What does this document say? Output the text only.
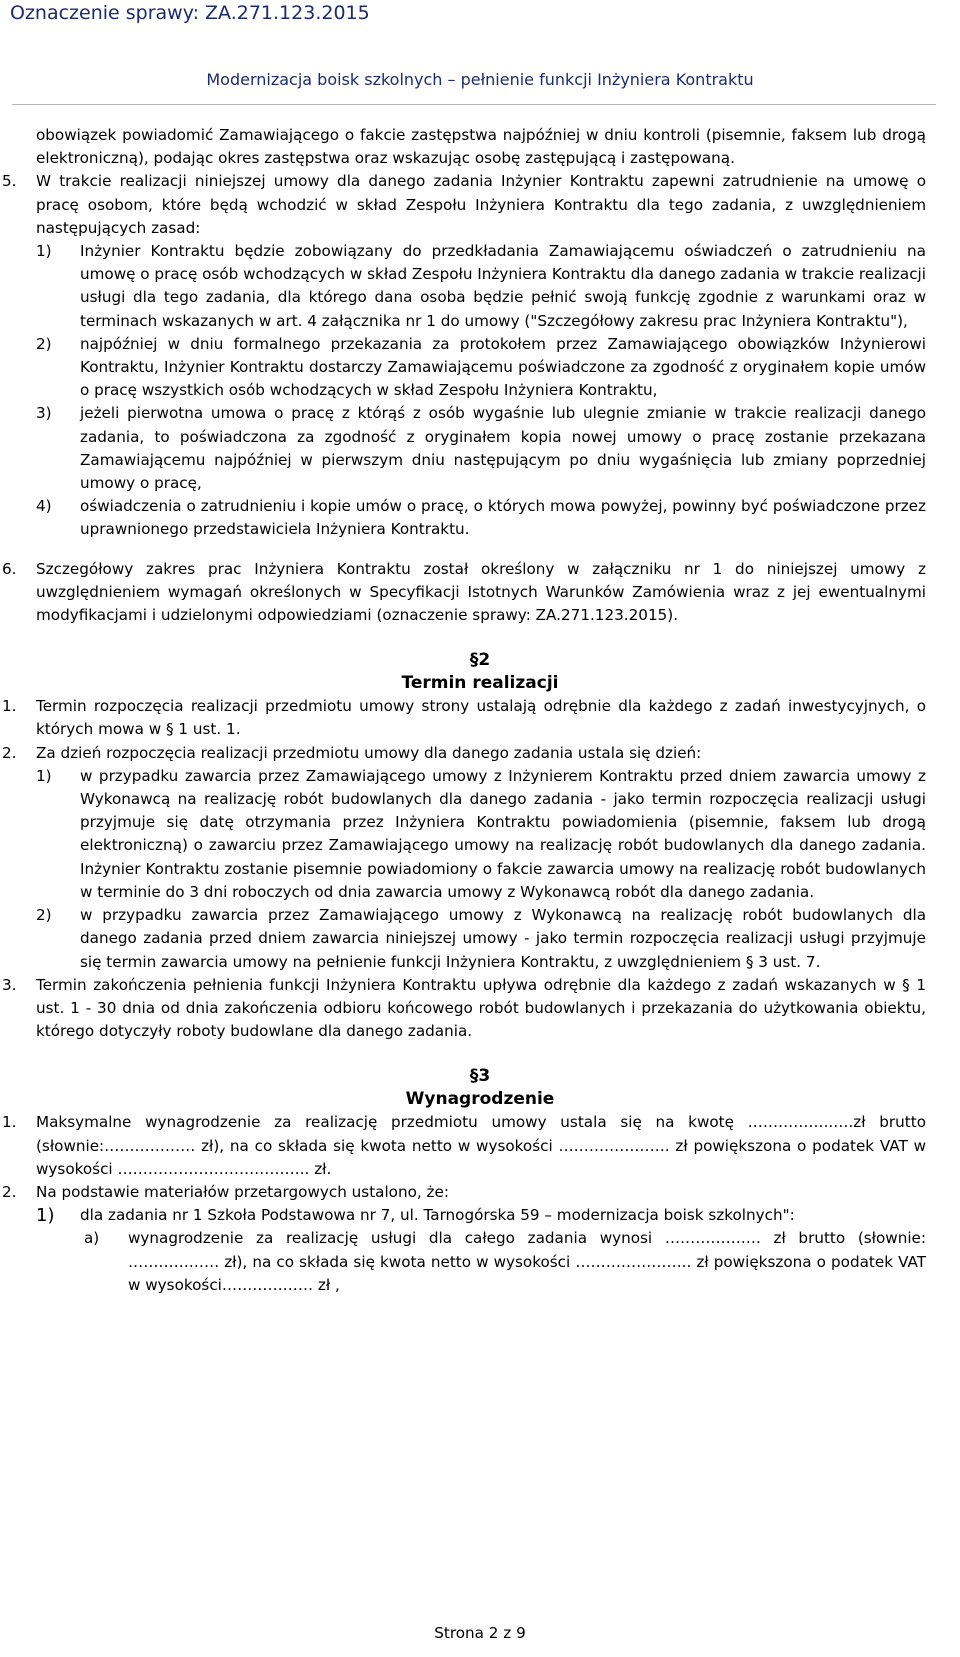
Oznaczenie sprawy: ZA.271.123.2015
Modernizacja boisk szkolnych – pełnienie funkcji Inżyniera Kontraktu
obowiązek powiadomić Zamawiającego o fakcie zastępstwa najpóźniej w dniu kontroli (pisemnie, faksem lub drogą elektroniczną), podając okres zastępstwa oraz wskazując osobę zastępującą i zastępowaną.
5. W trakcie realizacji niniejszej umowy dla danego zadania Inżynier Kontraktu zapewni zatrudnienie na umowę o pracę osobom, które będą wchodzić w skład Zespołu Inżyniera Kontraktu dla tego zadania, z uwzględnieniem następujących zasad:
1) Inżynier Kontraktu będzie zobowiązany do przedkładania Zamawiającemu oświadczeń o zatrudnieniu na umowę o pracę osób wchodzących w skład Zespołu Inżyniera Kontraktu dla danego zadania w trakcie realizacji usługi dla tego zadania, dla którego dana osoba będzie pełnić swoją funkcję zgodnie z warunkami oraz w terminach wskazanych w art. 4 załącznika nr 1 do umowy ("Szczegółowy zakresu prac Inżyniera Kontraktu"),
2) najpóźniej w dniu formalnego przekazania za protokołem przez Zamawiającego obowiązków Inżynierowi Kontraktu, Inżynier Kontraktu dostarczy Zamawiającemu poświadczone za zgodność z oryginałem kopie umów o pracę wszystkich osób wchodzących w skład Zespołu Inżyniera Kontraktu,
3) jeżeli pierwotna umowa o pracę z którąś z osób wygaśnie lub ulegnie zmianie w trakcie realizacji danego zadania, to poświadczona za zgodność z oryginałem kopia nowej umowy o pracę zostanie przekazana Zamawiającemu najpóźniej w pierwszym dniu następującym po dniu wygaśnięcia lub zmiany poprzedniej umowy o pracę,
4) oświadczenia o zatrudnieniu i kopie umów o pracę, o których mowa powyżej, powinny być poświadczone przez uprawnionego przedstawiciela Inżyniera Kontraktu.
6. Szczegółowy zakres prac Inżyniera Kontraktu został określony w załączniku nr 1 do niniejszej umowy z uwzględnieniem wymagań określonych w Specyfikacji Istotnych Warunków Zamówienia wraz z jej ewentualnymi modyfikacjami i udzielonymi odpowiedziami (oznaczenie sprawy: ZA.271.123.2015).
§2
Termin realizacji
1. Termin rozpoczęcia realizacji przedmiotu umowy strony ustalają odrębnie dla każdego z zadań inwestycyjnych, o których mowa w § 1 ust. 1.
2. Za dzień rozpoczęcia realizacji przedmiotu umowy dla danego zadania ustala się dzień:
1) w przypadku zawarcia przez Zamawiającego umowy z Inżynierem Kontraktu przed dniem zawarcia umowy z Wykonawcą na realizację robót budowlanych dla danego zadania - jako termin rozpoczęcia realizacji usługi przyjmuje się datę otrzymania przez Inżyniera Kontraktu powiadomienia (pisemnie, faksem lub drogą elektroniczną) o zawarciu przez Zamawiającego umowy na realizację robót budowlanych dla danego zadania. Inżynier Kontraktu zostanie pisemnie powiadomiony o fakcie zawarcia umowy na realizację robót budowlanych w terminie do 3 dni roboczych od dnia zawarcia umowy z Wykonawcą robót dla danego zadania.
2) w przypadku zawarcia przez Zamawiającego umowy z Wykonawcą na realizację robót budowlanych dla danego zadania przed dniem zawarcia niniejszej umowy - jako termin rozpoczęcia realizacji usługi przyjmuje się termin zawarcia umowy na pełnienie funkcji Inżyniera Kontraktu, z uwzględnieniem § 3 ust. 7.
3. Termin zakończenia pełnienia funkcji Inżyniera Kontraktu upływa odrębnie dla każdego z zadań wskazanych w § 1 ust. 1 - 30 dnia od dnia zakończenia odbioru końcowego robót budowlanych i przekazania do użytkowania obiektu, którego dotyczyły roboty budowlane dla danego zadania.
§3
Wynagrodzenie
1. Maksymalne wynagrodzenie za realizację przedmiotu umowy ustala się na kwotę ……………..….zł brutto (słownie:……………… zł), na co składa się kwota netto w wysokości …………………. zł powiększona o podatek VAT w wysokości ……………………………….. zł.
2. Na podstawie materiałów przetargowych ustalono, że:
1) dla zadania nr 1 Szkoła Podstawowa nr 7, ul. Tarnogórska 59 – modernizacja boisk szkolnych":
a) wynagrodzenie za realizację usługi dla całego zadania wynosi ………………. zł brutto (słownie: ……………… zł), na co składa się kwota netto w wysokości ………………….. zł powiększona o podatek VAT w wysokości……………… zł ,
Strona 2 z 9
